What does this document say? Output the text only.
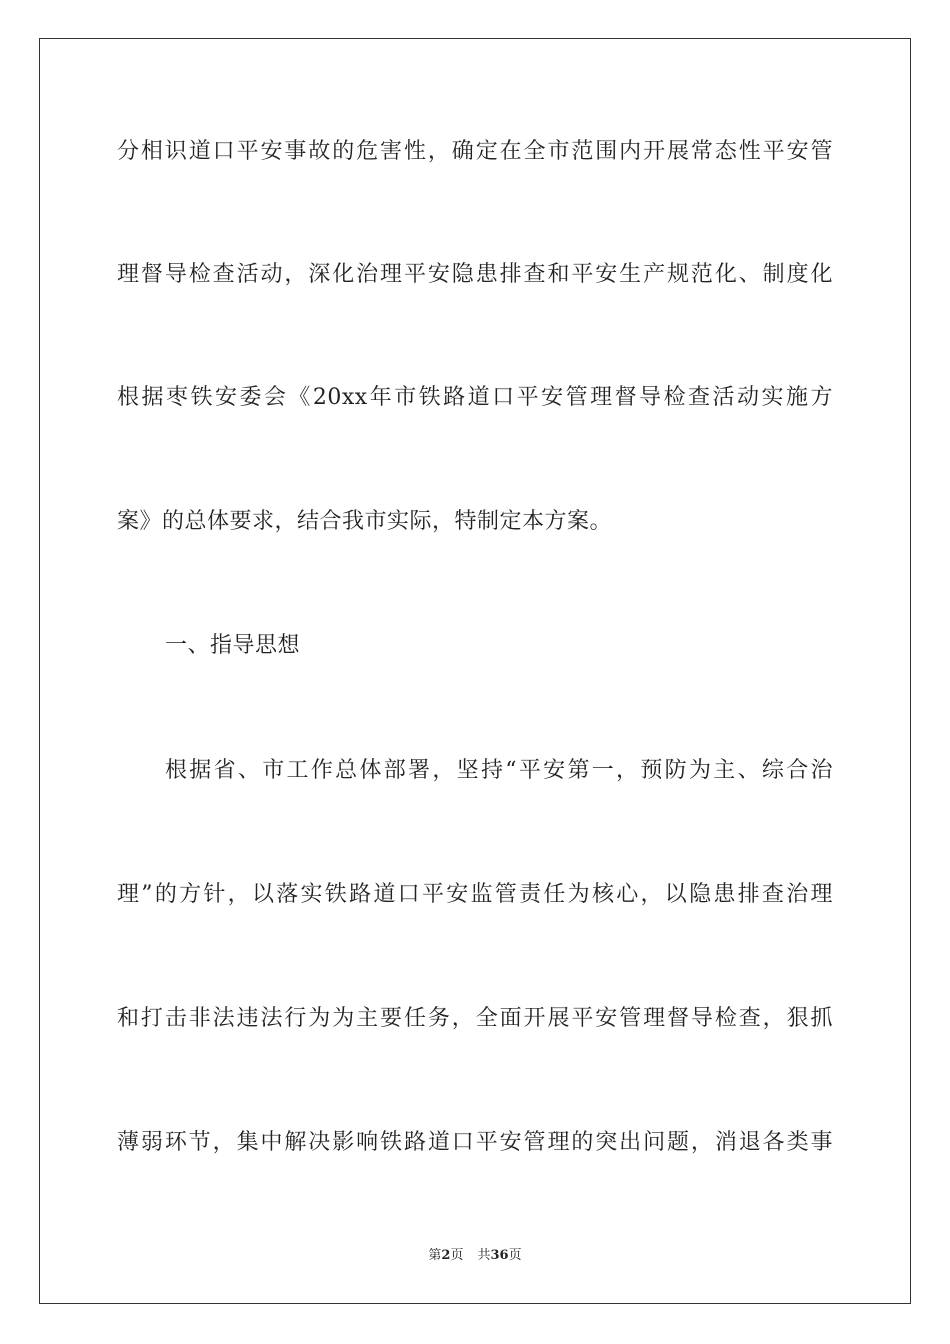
分相识道口平安事故的危害性，确定在全市范围内开展常态性平安管
理督导检查活动，深化治理平安隐患排查和平安生产规范化、制度化
根据枣铁安委会《20xx年市铁路道口平安管理督导检查活动实施方
案》的总体要求，结合我市实际，特制定本方案。
一、指导思想
根据省、市工作总体部署，坚持“平安第一，预防为主、综合治
理”的方针，以落实铁路道口平安监管责任为核心，以隐患排查治理
和打击非法违法行为为主要任务，全面开展平安管理督导检查，狠抓
薄弱环节，集中解决影响铁路道口平安管理的突出问题，消退各类事
第2页 共36页
